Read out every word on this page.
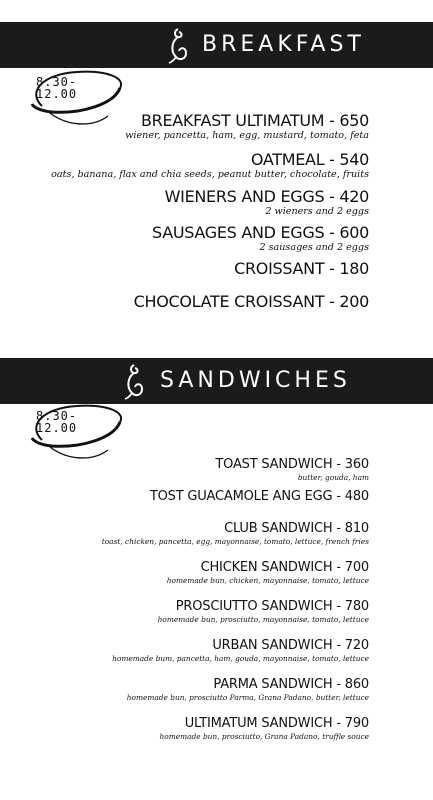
BREAKFAST
8.30-
12.00
BREAKFAST ULTIMATUM - 650
wiener, pancetta, ham, egg, mustard, tomato, feta
OATMEAL - 540
oats, banana, flax and chia seeds, peanut butter, chocolate, fruits
WIENERS AND EGGS - 420
2 wieners and 2 eggs
SAUSAGES AND EGGS - 600
2 sausages and 2 eggs
CROISSANT - 180
CHOCOLATE CROISSANT - 200
SANDWICHES
8.30-
12.00
TOAST SANDWICH - 360
butter, gouda, ham
TOST GUACAMOLE ANG EGG - 480
CLUB SANDWICH - 810
toast, chicken, pancetta, egg, mayonnaise, tomato, lettuce, french fries
CHICKEN SANDWICH - 700
homemade bun, chicken, mayonnaise, tomato, lettuce
PROSCIUTTO SANDWICH - 780
homemade bun, prosciutto, mayonnaise, tomato, lettuce
URBAN SANDWICH - 720
homemade bum, pancetta, ham, gouda, mayonnaise, tomato, lettuce
PARMA SANDWICH - 860
homemade bun, prosciutto Parma, Grana Padano, butter, lettuce
ULTIMATUM SANDWICH - 790
homemade bun, prosciutto, Grana Padano, truffle souce
